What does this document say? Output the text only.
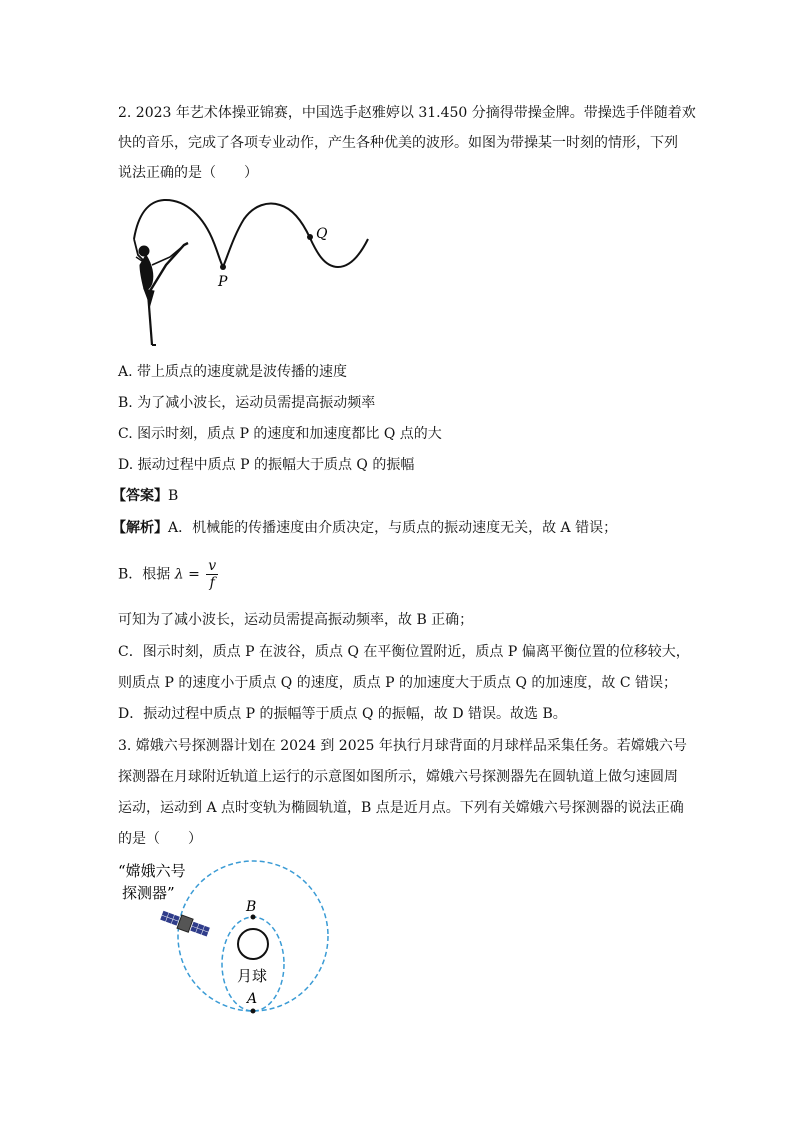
2. 2023 年艺术体操亚锦赛，中国选手赵雅婷以 31.450 分摘得带操金牌。带操选手伴随着欢
快的音乐，完成了各项专业动作，产生各种优美的波形。如图为带操某一时刻的情形，下列
说法正确的是（　　）
P
Q
A. 带上质点的速度就是波传播的速度
B. 为了减小波长，运动员需提高振动频率
C. 图示时刻，质点 P 的速度和加速度都比 Q 点的大
D. 振动过程中质点 P 的振幅大于质点 Q 的振幅
【答案】B
【解析】A．机械能的传播速度由介质决定，与质点的振动速度无关，故 A 错误；
B．根据 $\lambda = \frac{v}{f}$
可知为了减小波长，运动员需提高振动频率，故 B 正确；
C．图示时刻，质点 P 在波谷，质点 Q 在平衡位置附近，质点 P 偏离平衡位置的位移较大，
则质点 P 的速度小于质点 Q 的速度，质点 P 的加速度大于质点 Q 的加速度，故 C 错误；
D．振动过程中质点 P 的振幅等于质点 Q 的振幅，故 D 错误。故选 B。
3. 嫦娥六号探测器计划在 2024 到 2025 年执行月球背面的月球样品采集任务。若嫦娥六号
探测器在月球附近轨道上运行的示意图如图所示，嫦娥六号探测器先在圆轨道上做匀速圆周
运动，运动到 A 点时变轨为椭圆轨道，B 点是近月点。下列有关嫦娥六号探测器的说法正确
的是（　　）
“嫦娥六号
探测器”
月球
B
A
